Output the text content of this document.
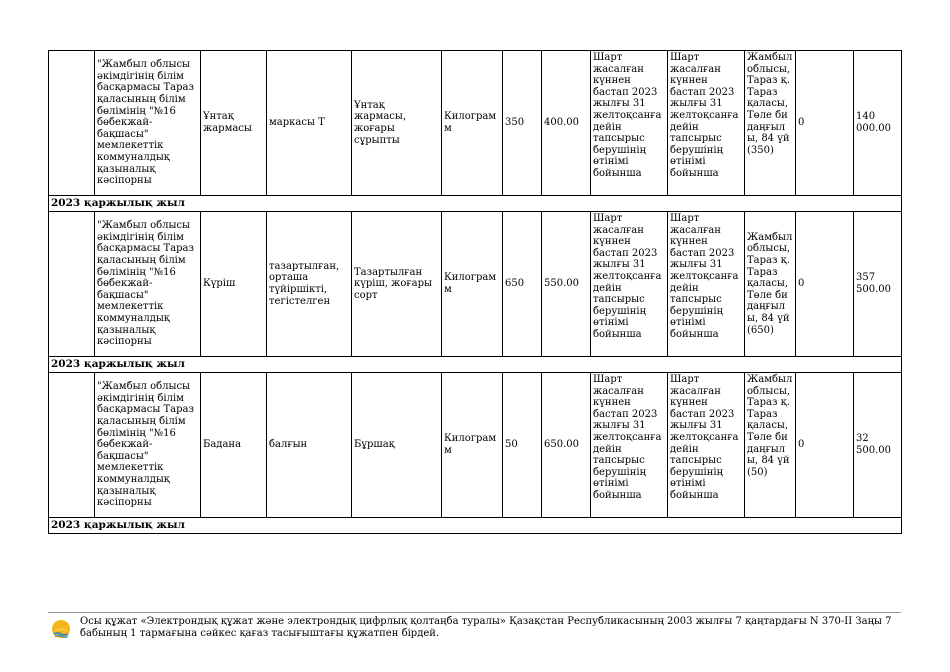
	"Жамбыл облысы әкімдігінің білім басқармасы Тараз қаласының білім бөлімінің "№16 бөбекжай-бақшасы" мемлекеттік коммуналдық қазыналық кәсіпорны	Ұнтақ жармасы	маркасы Т	Ұнтақ жармасы, жоғары сұрыпты	Килограмм	350	400.00	Шарт жасалған күннен бастап 2023 жылғы 31 желтоқсанға дейін тапсырыс берушінің өтінімі бойынша	Шарт жасалған күннен бастап 2023 жылғы 31 желтоқсанға дейін тапсырыс берушінің өтінімі бойынша	Жамбыл облысы, Тараз қ. Тараз қаласы, Төле би даңғылы, 84 үй (350)	0	140 000.00
2023 қаржылық жыл												
	"Жамбыл облысы әкімдігінің білім басқармасы Тараз қаласының білім бөлімінің "№16 бөбекжай-бақшасы" мемлекеттік коммуналдық қазыналық кәсіпорны	Күріш	тазартылған, орташа түйіршікті, тегістелген	Тазартылған күріш, жоғары сорт	Килограмм	650	550.00	Шарт жасалған күннен бастап 2023 жылғы 31 желтоқсанға дейін тапсырыс берушінің өтінімі бойынша	Шарт жасалған күннен бастап 2023 жылғы 31 желтоқсанға дейін тапсырыс берушінің өтінімі бойынша	Жамбыл облысы, Тараз қ. Тараз қаласы, Төле би даңғылы, 84 үй (650)	0	357 500.00
2023 қаржылық жыл												
	"Жамбыл облысы әкімдігінің білім басқармасы Тараз қаласының білім бөлімінің "№16 бөбекжай-бақшасы" мемлекеттік коммуналдық қазыналық кәсіпорны	Бадана	балғын	Бұршақ	Килограмм	50	650.00	Шарт жасалған күннен бастап 2023 жылғы 31 желтоқсанға дейін тапсырыс берушінің өтінімі бойынша	Шарт жасалған күннен бастап 2023 жылғы 31 желтоқсанға дейін тапсырыс берушінің өтінімі бойынша	Жамбыл облысы, Тараз қ. Тараз қаласы, Төле би даңғылы, 84 үй (50)	0	32 500.00
2023 қаржылық жыл												
Осы құжат «Электрондық құжат және электрондық цифрлық қолтаңба туралы» Қазақстан Республикасының 2003 жылғы 7 қаңтардағы N 370-II Заңы 7 бабының 1 тармағына сәйкес қағаз тасығыштағы құжатпен бірдей.
